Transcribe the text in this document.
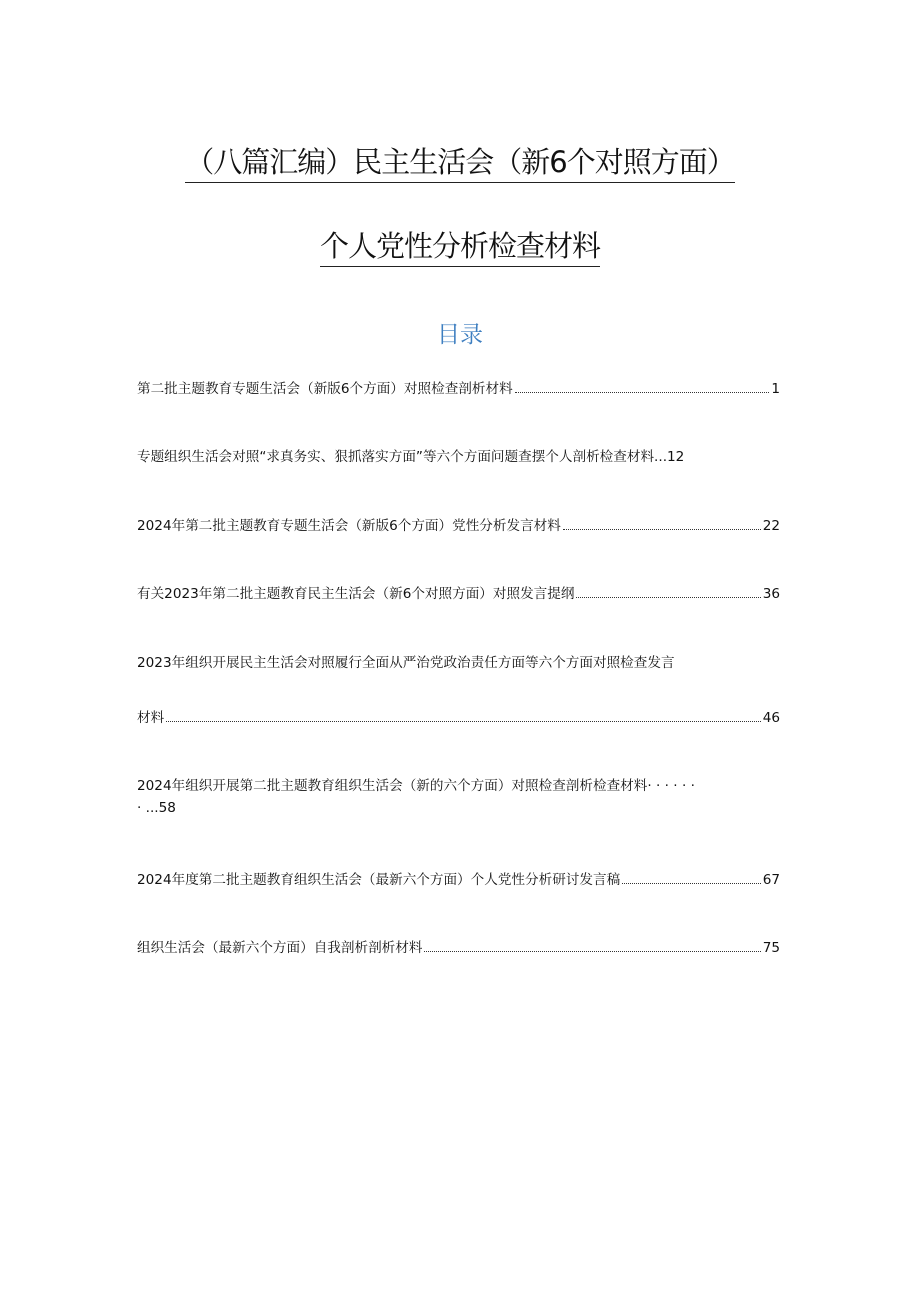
（八篇汇编）民主生活会（新6个对照方面）
个人党性分析检查材料
目录
第二批主题教育专题生活会（新版6个方面）对照检查剖析材料	1
专题组织生活会对照“求真务实、狠抓落实方面”等六个方面问题查摆个人剖析检查材料...12
2024年第二批主题教育专题生活会（新版6个方面）党性分析发言材料	22
有关2023年第二批主题教育民主生活会（新6个对照方面）对照发言提纲	36
2023年组织开展民主生活会对照履行全面从严治党政治责任方面等六个方面对照检查发言
材料	46
2024年组织开展第二批主题教育组织生活会（新的六个方面）对照检查剖析检查材料· · · · · ·
· ...58
2024年度第二批主题教育组织生活会（最新六个方面）个人党性分析研讨发言稿	67
组织生活会（最新六个方面）自我剖析剖析材料	75
